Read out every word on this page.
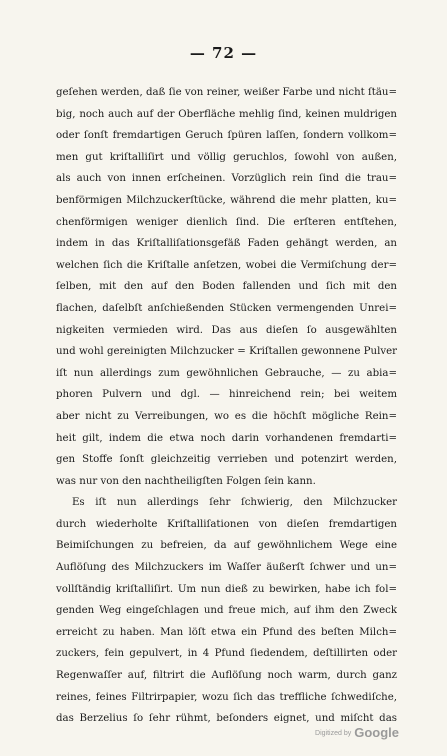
— 72 —
geſehen werden, daß ſie von reiner, weißer Farbe und nicht ſtäu=
big, noch auch auf der Oberfläche mehlig ſind, keinen muldrigen
oder ſonſt fremdartigen Geruch ſpüren laſſen, ſondern vollkom=
men gut kriſtalliſirt und völlig geruchlos, ſowohl von außen,
als auch von innen erſcheinen. Vorzüglich rein ſind die trau=
benförmigen Milchzuckerſtücke, während die mehr platten, ku=
chenförmigen weniger dienlich ſind. Die erſteren entſtehen,
indem in das Kriſtalliſationsgefäß Faden gehängt werden, an
welchen ſich die Kriſtalle anſetzen, wobei die Vermiſchung der=
ſelben, mit den auf den Boden fallenden und ſich mit den
flachen, daſelbſt anſchießenden Stücken vermengenden Unrei=
nigkeiten vermieden wird. Das aus dieſen ſo ausgewählten
und wohl gereinigten Milchzucker = Kriſtallen gewonnene Pulver
iſt nun allerdings zum gewöhnlichen Gebrauche, — zu abia=
phoren Pulvern und dgl. — hinreichend rein; bei weitem
aber nicht zu Verreibungen, wo es die höchſt mögliche Rein=
heit gilt, indem die etwa noch darin vorhandenen fremdarti=
gen Stoffe ſonſt gleichzeitig verrieben und potenzirt werden,
was nur von den nachtheiligſten Folgen ſein kann.
Es iſt nun allerdings ſehr ſchwierig, den Milchzucker
durch wiederholte Kriſtalliſationen von dieſen fremdartigen
Beimiſchungen zu befreien, da auf gewöhnlichem Wege eine
Auflöſung des Milchzuckers im Waſſer äußerſt ſchwer und un=
vollſtändig kriſtalliſirt. Um nun dieß zu bewirken, habe ich fol=
genden Weg eingeſchlagen und freue mich, auf ihm den Zweck
erreicht zu haben. Man löſt etwa ein Pfund des beſten Milch=
zuckers, fein gepulvert, in 4 Pfund ſiedendem, deſtillirten oder
Regenwaſſer auf, filtrirt die Auflöſung noch warm, durch ganz
reines, feines Filtrirpapier, wozu ſich das treffliche ſchwediſche,
das Berzelius ſo ſehr rühmt, beſonders eignet, und miſcht das
Digitized by Google
